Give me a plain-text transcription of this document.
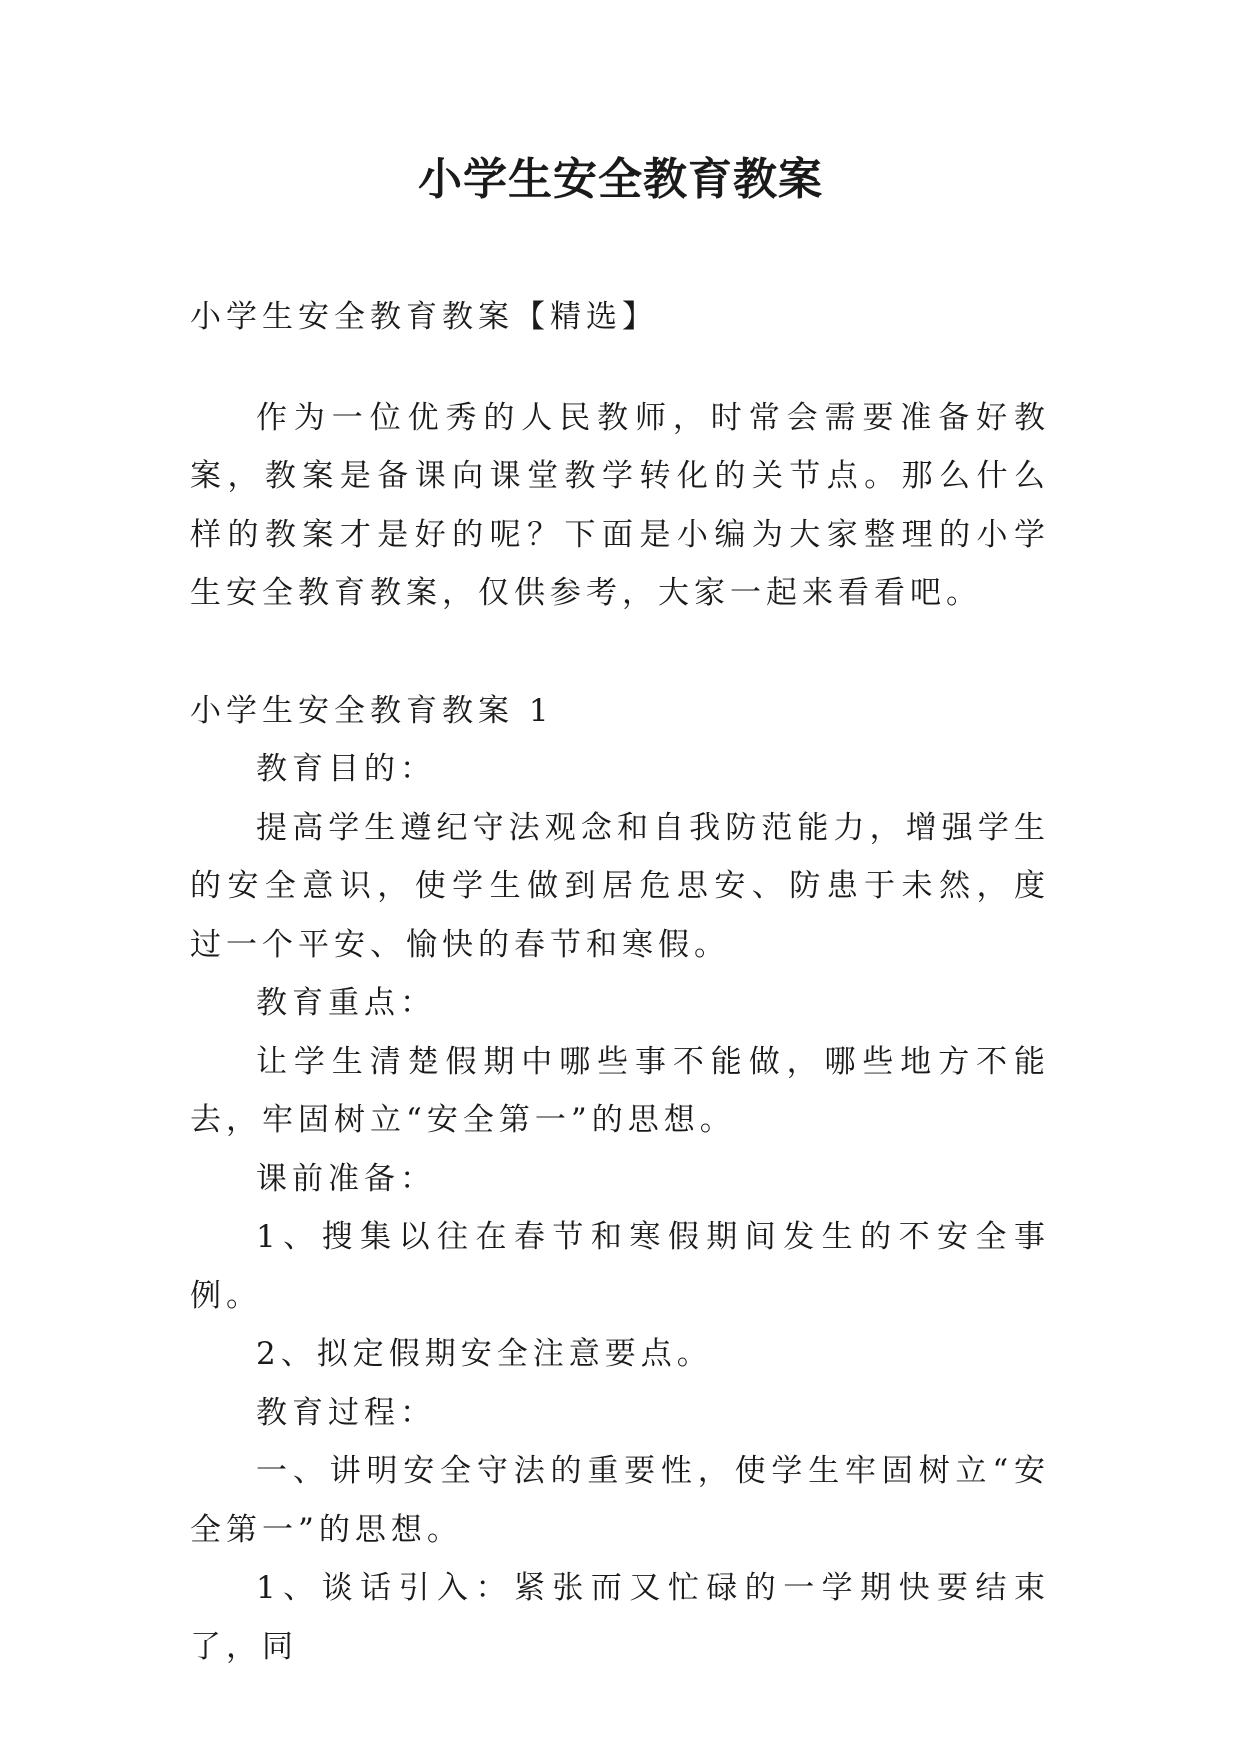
小学生安全教育教案

小学生安全教育教案【精选】

作为一位优秀的人民教师，时常会需要准备好教案，教案是备课向课堂教学转化的关节点。那么什么样的教案才是好的呢？下面是小编为大家整理的小学生安全教育教案，仅供参考，大家一起来看看吧。

小学生安全教育教案 1

教育目的：

提高学生遵纪守法观念和自我防范能力，增强学生的安全意识，使学生做到居危思安、防患于未然，度过一个平安、愉快的春节和寒假。

教育重点：

让学生清楚假期中哪些事不能做，哪些地方不能去，牢固树立“安全第一”的思想。

课前准备：

1、搜集以往在春节和寒假期间发生的不安全事例。

2、拟定假期安全注意要点。

教育过程：

一、讲明安全守法的重要性，使学生牢固树立“安全第一”的思想。

1、谈话引入：紧张而又忙碌的一学期快要结束了，同
